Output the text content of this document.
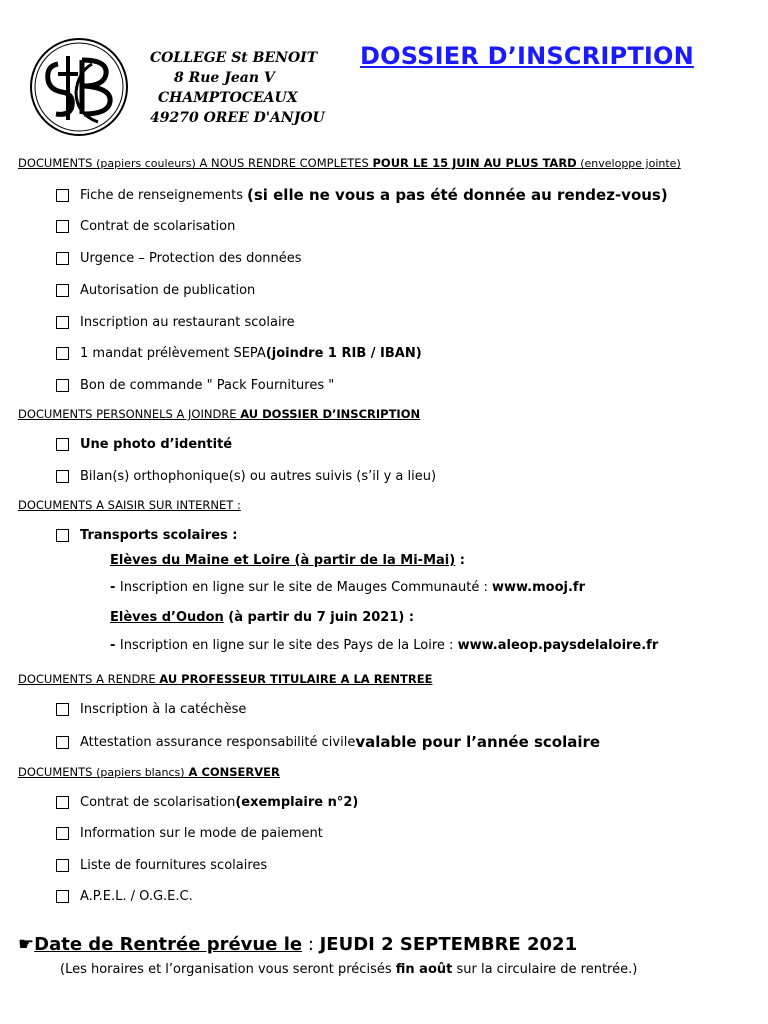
COLLEGE St BENOIT
8 Rue Jean V
CHAMPTOCEAUX
49270 OREE D'ANJOU
DOSSIER D’INSCRIPTION
DOCUMENTS (papiers couleurs) A NOUS RENDRE COMPLETES POUR LE 15 JUIN AU PLUS TARD (enveloppe jointe)
Fiche de renseignements (si elle ne vous a pas été donnée au rendez-vous)
Contrat de scolarisation
Urgence – Protection des données
Autorisation de publication
Inscription au restaurant scolaire
1 mandat prélèvement SEPA (joindre 1 RIB / IBAN)
Bon de commande " Pack Fournitures "
DOCUMENTS PERSONNELS A JOINDRE AU DOSSIER D’INSCRIPTION
Une photo d’identité
Bilan(s) orthophonique(s) ou autres suivis (s’il y a lieu)
DOCUMENTS A SAISIR SUR INTERNET :
Transports scolaires :
Elèves du Maine et Loire (à partir de la Mi-Mai) :
- Inscription en ligne sur le site de Mauges Communauté : www.mooj.fr
Elèves d’Oudon (à partir du 7 juin 2021) :
- Inscription en ligne sur le site des Pays de la Loire : www.aleop.paysdelaloire.fr
DOCUMENTS A RENDRE AU PROFESSEUR TITULAIRE A LA RENTREE
Inscription à la catéchèse
Attestation assurance responsabilité civile valable pour l’année scolaire
DOCUMENTS (papiers blancs) A CONSERVER
Contrat de scolarisation (exemplaire n°2)
Information sur le mode de paiement
Liste de fournitures scolaires
A.P.E.L. / O.G.E.C.
☛Date de Rentrée prévue le : JEUDI 2 SEPTEMBRE 2021
(Les horaires et l’organisation vous seront précisés fin août sur la circulaire de rentrée.)
